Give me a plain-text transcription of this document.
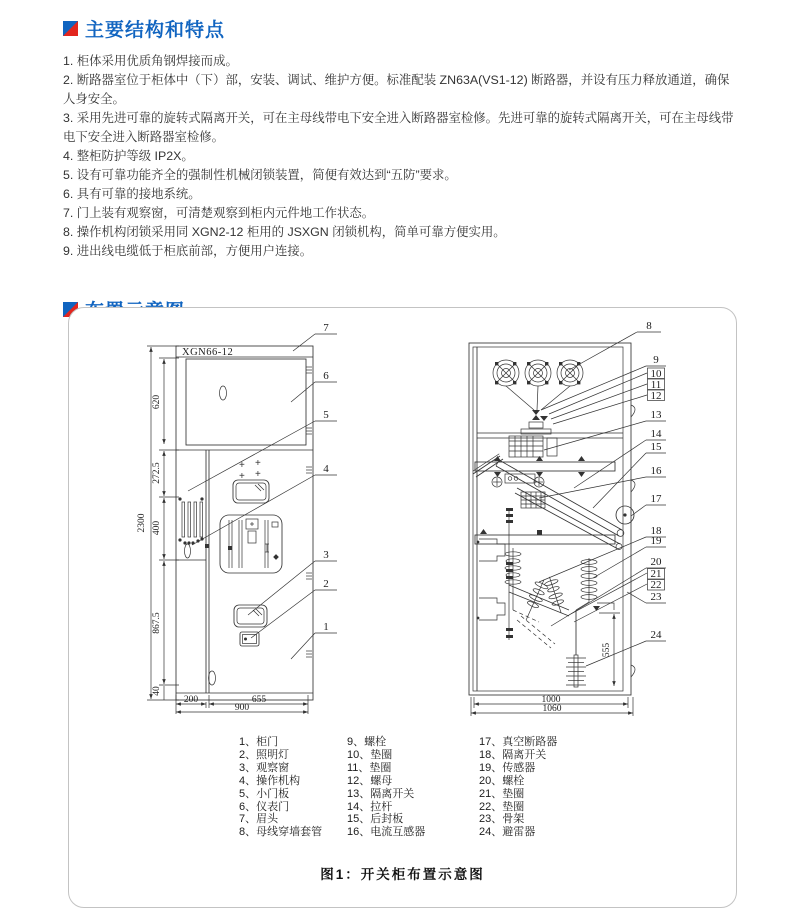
主要结构和特点

1. 柜体采用优质角钢焊接而成。

2. 断路器室位于柜体中（下）部，安装、调试、维护方便。标准配装 ZN63A(VS1-12) 断路器，并设有压力释放通道，确保人身安全。

3. 采用先进可靠的旋转式隔离开关，可在主母线带电下安全进入断路器室检修。先进可靠的旋转式隔离开关，可在主母线带电下安全进入断路器室检修。

4. 整柜防护等级 IP2X。

5. 设有可靠功能齐全的强制性机械闭锁装置，简便有效达到“五防”要求。

6. 具有可靠的接地系统。

7. 门上装有观察窗，可清楚观察到柜内元件地工作状态。

8. 操作机构闭锁采用同 XGN2-12 柜用的 JSXGN 闭锁机构，简单可靠方便实用。

9. 进出线电缆低于柜底前部，方便用户连接。

2300
620
272.5
400
867.5
40
XGN66-12
+ +
+ +
200	655
900
7
6
5
4
3
2
1
555
1000
1060
8
9
10
11
12
13
14
15
16
17
18
19
20
21
22
23
24
1、柜门
2、照明灯
3、观察窗
4、操作机构
5、小门板
6、仪表门
7、眉头
8、母线穿墙套管
9、螺栓
10、垫圈
11、垫圈
12、螺母
13、隔离开关
14、拉杆
15、后封板
16、电流互感器
17、真空断路器
18、隔离开关
19、传感器
20、螺栓
21、垫圈
22、垫圈
23、骨架
24、避雷器
图1：开关柜布置示意图
